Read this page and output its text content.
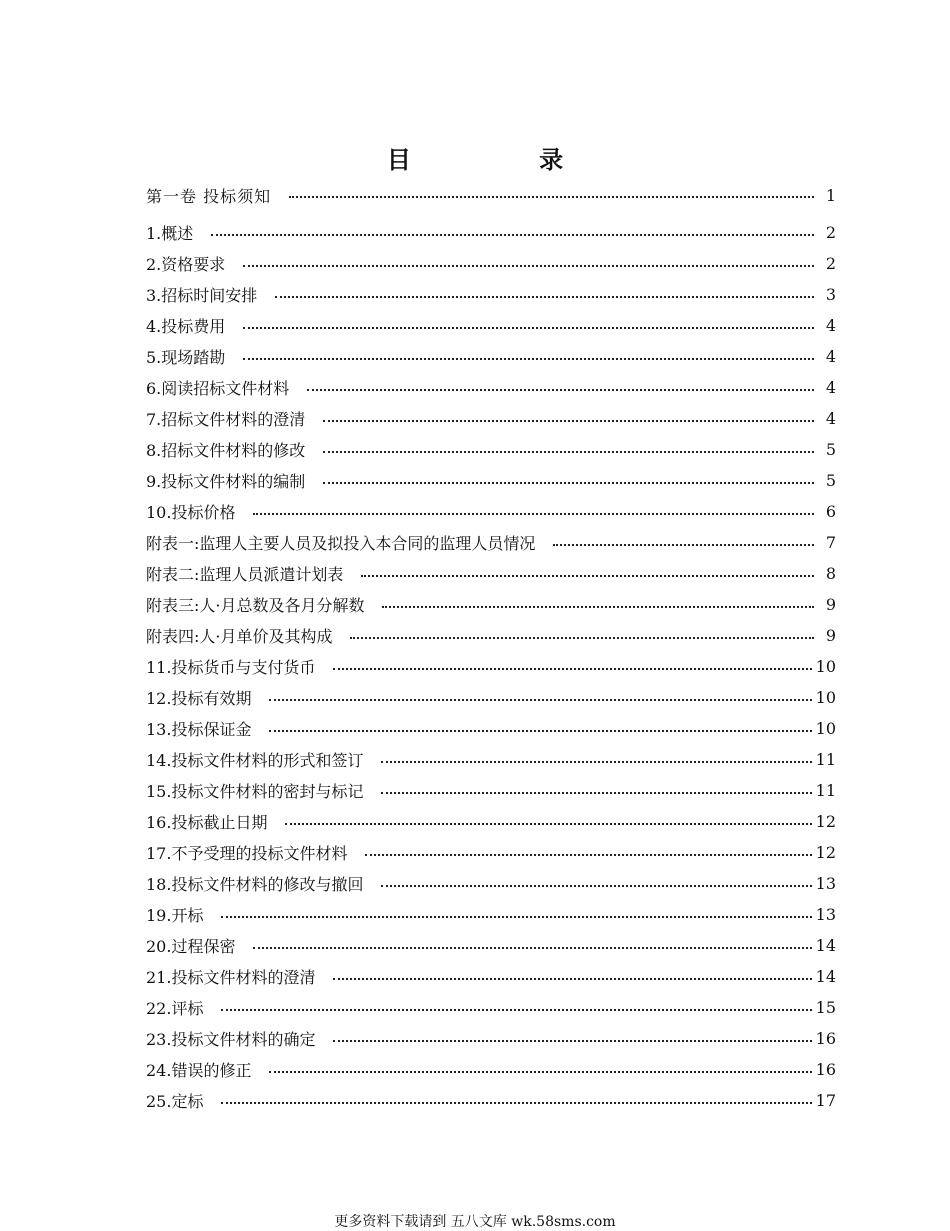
目 录
第一卷 投标须知	1
1.概述	2
2.资格要求	2
3.招标时间安排	3
4.投标费用	4
5.现场踏勘	4
6.阅读招标文件材料	4
7.招标文件材料的澄清	4
8.招标文件材料的修改	5
9.投标文件材料的编制	5
10.投标价格	6
附表一:监理人主要人员及拟投入本合同的监理人员情况	7
附表二:监理人员派遣计划表	8
附表三:人·月总数及各月分解数	9
附表四:人·月单价及其构成	9
11.投标货币与支付货币	10
12.投标有效期	10
13.投标保证金	10
14.投标文件材料的形式和签订	11
15.投标文件材料的密封与标记	11
16.投标截止日期	12
17.不予受理的投标文件材料	12
18.投标文件材料的修改与撤回	13
19.开标	13
20.过程保密	14
21.投标文件材料的澄清	14
22.评标	15
23.投标文件材料的确定	16
24.错误的修正	16
25.定标	17
更多资料下载请到 五八文库 wk.58sms.com
